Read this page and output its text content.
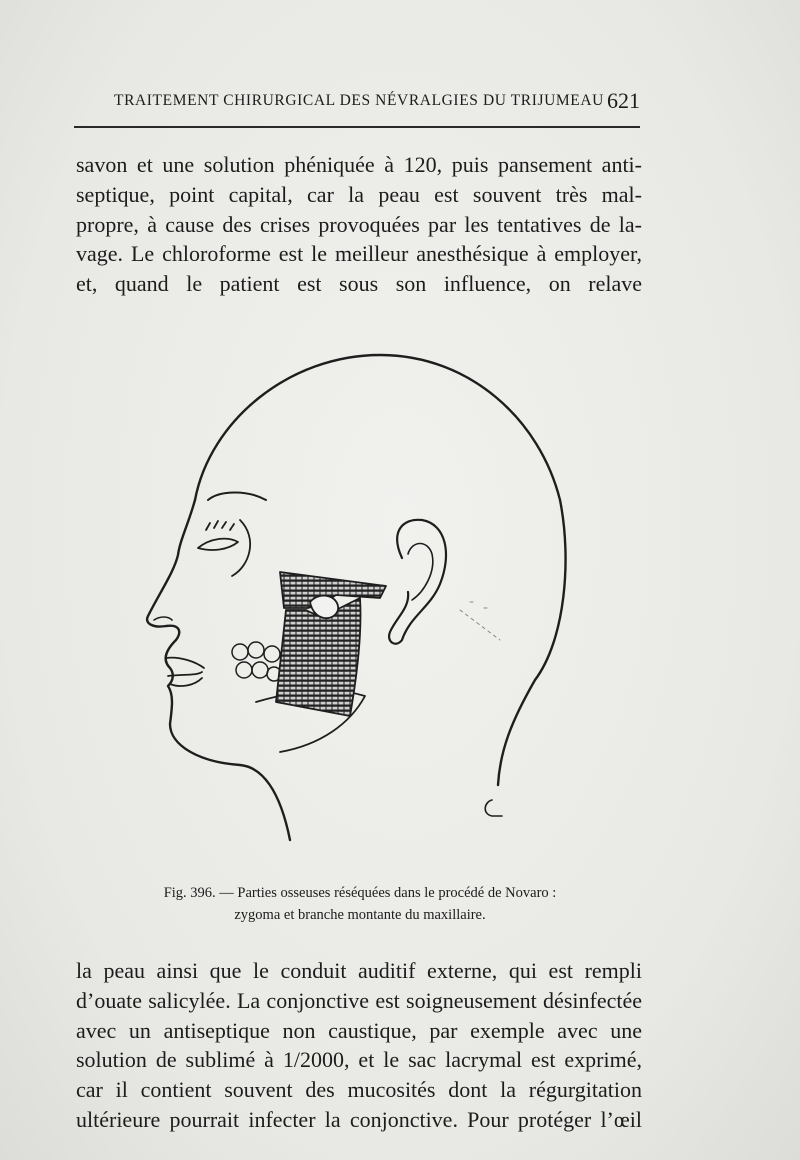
TRAITEMENT CHIRURGICAL DES NÉVRALGIES DU TRIJUMEAU 621
savon et une solution phéniquée à 120, puis pansement anti-
septique, point capital, car la peau est souvent très mal-
propre, à cause des crises provoquées par les tentatives de la-
vage. Le chloroforme est le meilleur anesthésique à employer,
et, quand le patient est sous son influence, on relave
Fig. 396. — Parties osseuses réséquées dans le procédé de Novaro :
zygoma et branche montante du maxillaire.
la peau ainsi que le conduit auditif externe, qui est rempli
d’ouate salicylée. La conjonctive est soigneusement désinfectée
avec un antiseptique non caustique, par exemple avec une
solution de sublimé à 1/2000, et le sac lacrymal est exprimé,
car il contient souvent des mucosités dont la régurgitation
ultérieure pourrait infecter la conjonctive. Pour protéger l’œil
